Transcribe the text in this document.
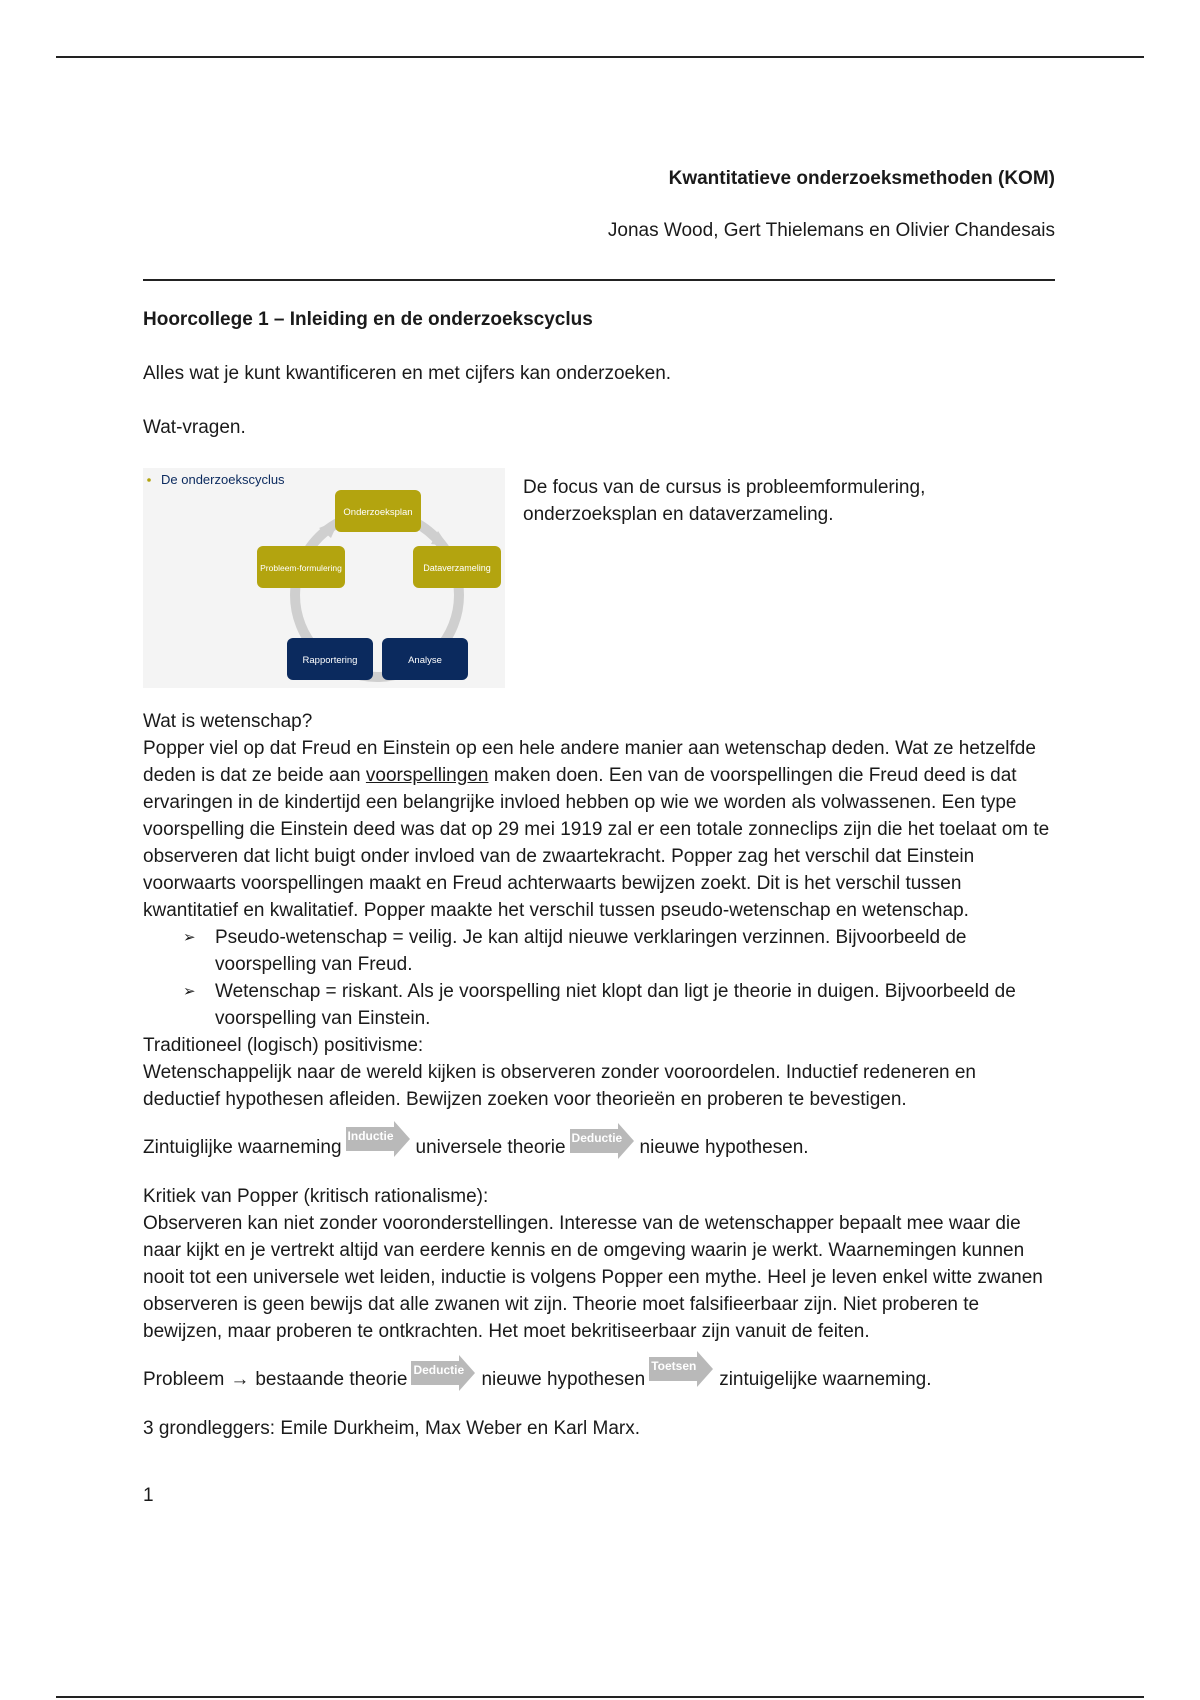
Kwantitatieve onderzoeksmethoden (KOM)
Jonas Wood, Gert Thielemans en Olivier Chandesais
Hoorcollege 1 – Inleiding en de onderzoekscyclus

Alles wat je kunt kwantificeren en met cijfers kan onderzoeken.

Wat-vragen.

De onderzoekscyclus
Onderzoeksplan
Probleem-formulering	Dataverzameling
Rapportering	Analyse
De focus van de cursus is probleemformulering, onderzoeksplan en dataverzameling.

Wat is wetenschap?

Popper viel op dat Freud en Einstein op een hele andere manier aan wetenschap deden. Wat ze hetzelfde deden is dat ze beide aan voorspellingen maken doen. Een van de voorspellingen die Freud deed is dat ervaringen in de kindertijd een belangrijke invloed hebben op wie we worden als volwassenen. Een type voorspelling die Einstein deed was dat op 29 mei 1919 zal er een totale zonneclips zijn die het toelaat om te observeren dat licht buigt onder invloed van de zwaartekracht. Popper zag het verschil dat Einstein voorwaarts voorspellingen maakt en Freud achterwaarts bewijzen zoekt. Dit is het verschil tussen kwantitatief en kwalitatief. Popper maakte het verschil tussen pseudo-wetenschap en wetenschap.

➢ Pseudo-wetenschap = veilig. Je kan altijd nieuwe verklaringen verzinnen. Bijvoorbeeld de voorspelling van Freud.
➢ Wetenschap = riskant. Als je voorspelling niet klopt dan ligt je theorie in duigen. Bijvoorbeeld de voorspelling van Einstein.

Traditioneel (logisch) positivisme:

Wetenschappelijk naar de wereld kijken is observeren zonder vooroordelen. Inductief redeneren en deductief hypothesen afleiden. Bewijzen zoeken voor theorieën en proberen te bevestigen.

Zintuiglijke waarneming
Inductie
universele theorie Deductie nieuwe hypothesen.

Kritiek van Popper (kritisch rationalisme):

Observeren kan niet zonder vooronderstellingen. Interesse van de wetenschapper bepaalt mee waar die naar kijkt en je vertrekt altijd van eerdere kennis en de omgeving waarin je werkt. Waarnemingen kunnen nooit tot een universele wet leiden, inductie is volgens Popper een mythe. Heel je leven enkel witte zwanen observeren is geen bewijs dat alle zwanen wit zijn. Theorie moet falsifieerbaar zijn. Niet proberen te bewijzen, maar proberen te ontkrachten. Het moet bekritiseerbaar zijn vanuit de feiten.

Probleem → bestaande theorie Deductie nieuwe hypothesen
Toetsen
zintuigelijke waarneming.

3 grondleggers: Emile Durkheim, Max Weber en Karl Marx.

1
